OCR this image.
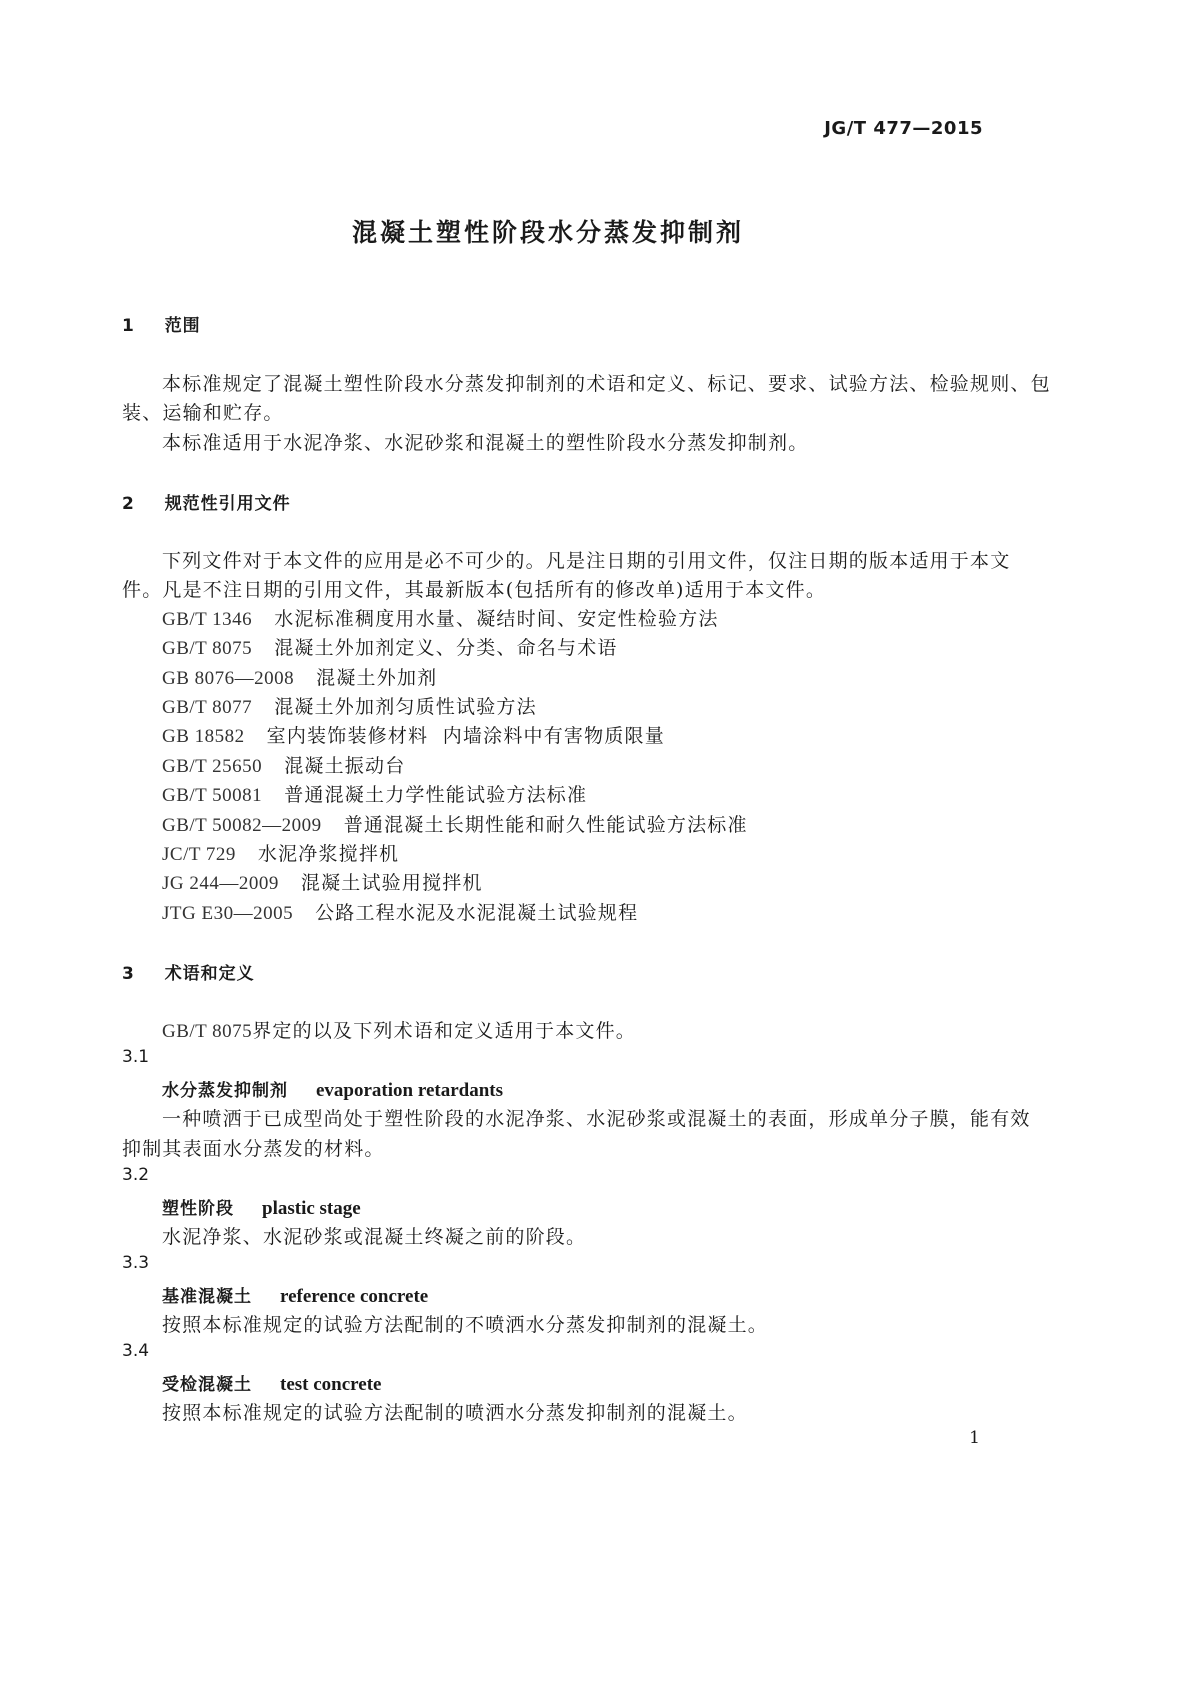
JG/T 477—2015
混凝土塑性阶段水分蒸发抑制剂
1 范围
本标准规定了混凝土塑性阶段水分蒸发抑制剂的术语和定义、标记、要求、试验方法、检验规则、包
装、运输和贮存。
本标准适用于水泥净浆、水泥砂浆和混凝土的塑性阶段水分蒸发抑制剂。
2 规范性引用文件
下列文件对于本文件的应用是必不可少的。凡是注日期的引用文件，仅注日期的版本适用于本文
件。凡是不注日期的引用文件，其最新版本(包括所有的修改单)适用于本文件。
GB/T 1346 水泥标准稠度用水量、凝结时间、安定性检验方法
GB/T 8075 混凝土外加剂定义、分类、命名与术语
GB 8076—2008 混凝土外加剂
GB/T 8077 混凝土外加剂匀质性试验方法
GB 18582 室内装饰装修材料  内墙涂料中有害物质限量
GB/T 25650 混凝土振动台
GB/T 50081 普通混凝土力学性能试验方法标准
GB/T 50082—2009 普通混凝土长期性能和耐久性能试验方法标准
JC/T 729 水泥净浆搅拌机
JG 244—2009 混凝土试验用搅拌机
JTG E30—2005 公路工程水泥及水泥混凝土试验规程
3 术语和定义
GB/T 8075界定的以及下列术语和定义适用于本文件。
3.1
水分蒸发抑制剂 evaporation retardants
一种喷洒于已成型尚处于塑性阶段的水泥净浆、水泥砂浆或混凝土的表面，形成单分子膜，能有效
抑制其表面水分蒸发的材料。
3.2
塑性阶段 plastic stage
水泥净浆、水泥砂浆或混凝土终凝之前的阶段。
3.3
基准混凝土 reference concrete
按照本标准规定的试验方法配制的不喷洒水分蒸发抑制剂的混凝土。
3.4
受检混凝土 test concrete
按照本标准规定的试验方法配制的喷洒水分蒸发抑制剂的混凝土。
1
